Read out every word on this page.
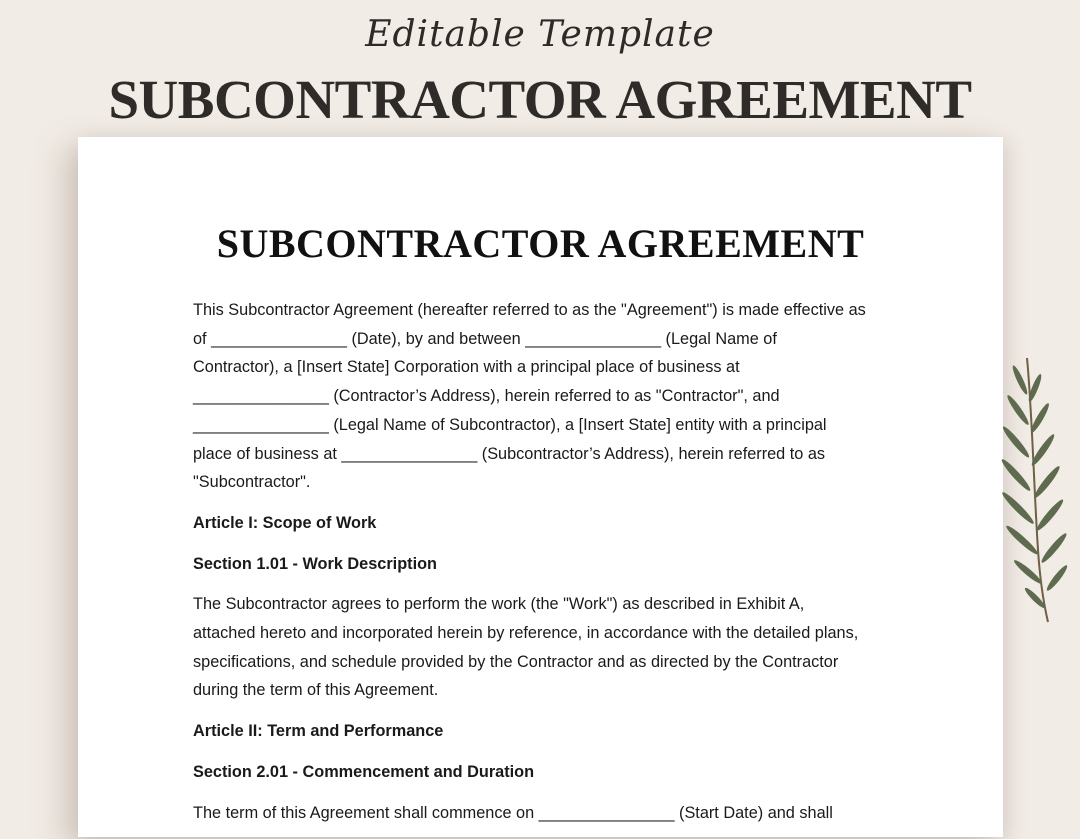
Editable Template
SUBCONTRACTOR AGREEMENT
SUBCONTRACTOR AGREEMENT
This Subcontractor Agreement (hereafter referred to as the "Agreement") is made effective as
of _______________ (Date), by and between _______________ (Legal Name of
Contractor), a [Insert State] Corporation with a principal place of business at
_______________ (Contractor’s Address), herein referred to as "Contractor", and
_______________ (Legal Name of Subcontractor), a [Insert State] entity with a principal
place of business at _______________ (Subcontractor’s Address), herein referred to as
"Subcontractor".
Article I: Scope of Work
Section 1.01 - Work Description
The Subcontractor agrees to perform the work (the "Work") as described in Exhibit A,
attached hereto and incorporated herein by reference, in accordance with the detailed plans,
specifications, and schedule provided by the Contractor and as directed by the Contractor
during the term of this Agreement.
Article II: Term and Performance
Section 2.01 - Commencement and Duration
The term of this Agreement shall commence on _______________ (Start Date) and shall
